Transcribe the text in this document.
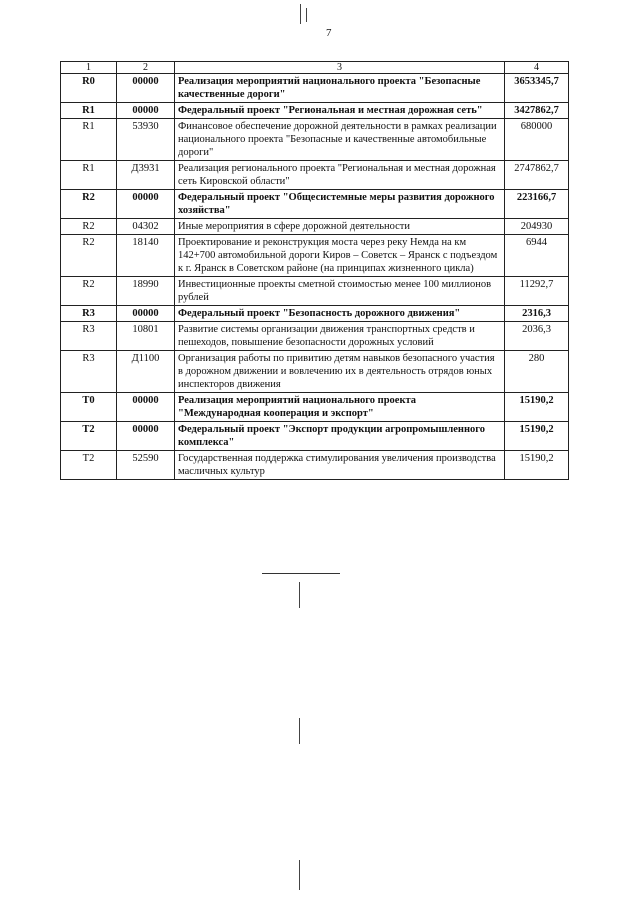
7
1	2	3	4
R0	00000	Реализация мероприятий национального проекта "Безопасные качественные дороги"	3653345,7
R1	00000	Федеральный проект "Региональная и местная дорожная сеть"	3427862,7
R1	53930	Финансовое обеспечение дорожной деятельности в рамках реализации национального проекта "Безопасные и качественные автомобильные дороги"	680000
R1	Д3931	Реализация регионального проекта "Региональная и местная дорожная сеть Кировской области"	2747862,7
R2	00000	Федеральный проект "Общесистемные меры развития дорожного хозяйства"	223166,7
R2	04302	Иные мероприятия в сфере дорожной деятельности	204930
R2	18140	Проектирование и реконструкция моста через реку Немда на км 142+700 автомобильной дороги Киров – Советск – Яранск с подъездом к г. Яранск в Советском районе (на принципах жизненного цикла)	6944
R2	18990	Инвестиционные проекты сметной стоимостью менее 100 миллионов рублей	11292,7
R3	00000	Федеральный проект "Безопасность дорожного движения"	2316,3
R3	10801	Развитие системы организации движения транспортных средств и пешеходов, повышение безопасности дорожных условий	2036,3
R3	Д1100	Организация работы по привитию детям навыков безопасного участия в дорожном движении и вовлечению их в деятельность отрядов юных инспекторов движения	280
T0	00000	Реализация мероприятий национального проекта "Международная кооперация и экспорт"	15190,2
T2	00000	Федеральный проект "Экспорт продукции агропромышленного комплекса"	15190,2
T2	52590	Государственная поддержка стимулирования увеличения производства масличных культур	15190,2
